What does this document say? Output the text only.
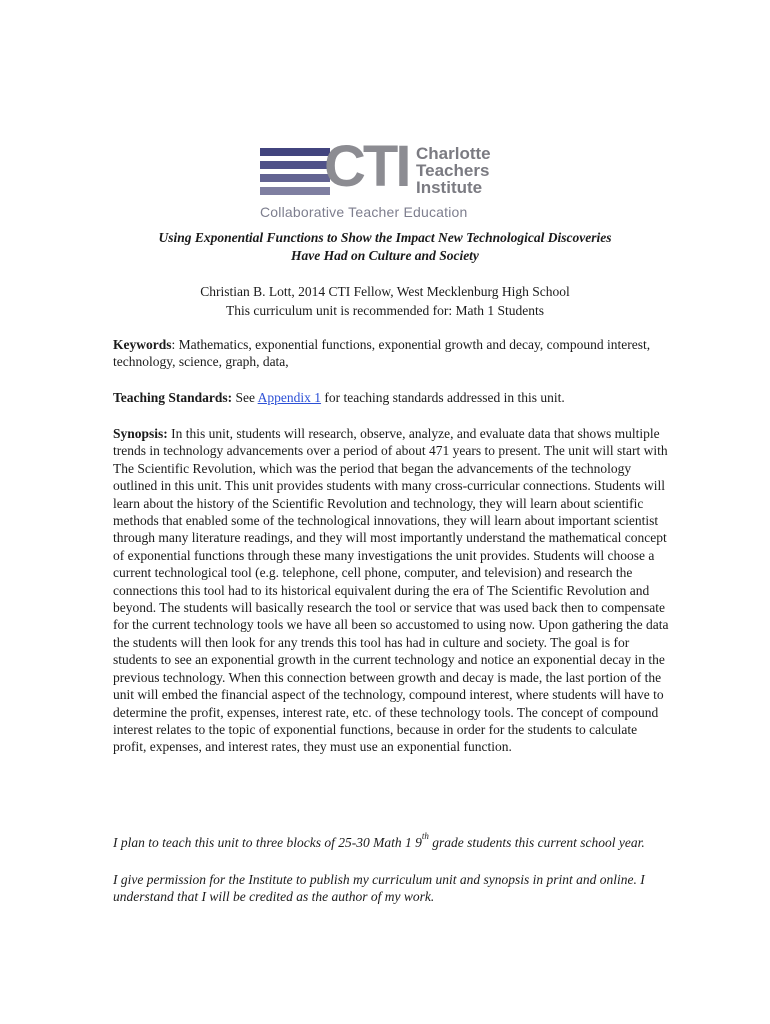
CTI Charlotte
Teachers
Institute
Collaborative Teacher Education
Using Exponential Functions to Show the Impact New Technological Discoveries
Have Had on Culture and Society
Christian B. Lott, 2014 CTI Fellow, West Mecklenburg High School
This curriculum unit is recommended for: Math 1 Students
Keywords: Mathematics, exponential functions, exponential growth and decay, compound interest, technology, science, graph, data,
Teaching Standards: See Appendix 1 for teaching standards addressed in this unit.
Synopsis: In this unit, students will research, observe, analyze, and evaluate data that shows multiple trends in technology advancements over a period of about 471 years to present. The unit will start with The Scientific Revolution, which was the period that began the advancements of the technology outlined in this unit. This unit provides students with many cross-curricular connections. Students will learn about the history of the Scientific Revolution and technology, they will learn about scientific methods that enabled some of the technological innovations, they will learn about important scientist through many literature readings, and they will most importantly understand the mathematical concept of exponential functions through these many investigations the unit provides. Students will choose a current technological tool (e.g. telephone, cell phone, computer, and television) and research the connections this tool had to its historical equivalent during the era of The Scientific Revolution and beyond. The students will basically research the tool or service that was used back then to compensate for the current technology tools we have all been so accustomed to using now. Upon gathering the data the students will then look for any trends this tool has had in culture and society. The goal is for students to see an exponential growth in the current technology and notice an exponential decay in the previous technology. When this connection between growth and decay is made, the last portion of the unit will embed the financial aspect of the technology, compound interest, where students will have to determine the profit, expenses, interest rate, etc. of these technology tools. The concept of compound interest relates to the topic of exponential functions, because in order for the students to calculate profit, expenses, and interest rates, they must use an exponential function.
I plan to teach this unit to three blocks of 25-30 Math 1 9th grade students this current school year.
I give permission for the Institute to publish my curriculum unit and synopsis in print and online. I understand that I will be credited as the author of my work.
